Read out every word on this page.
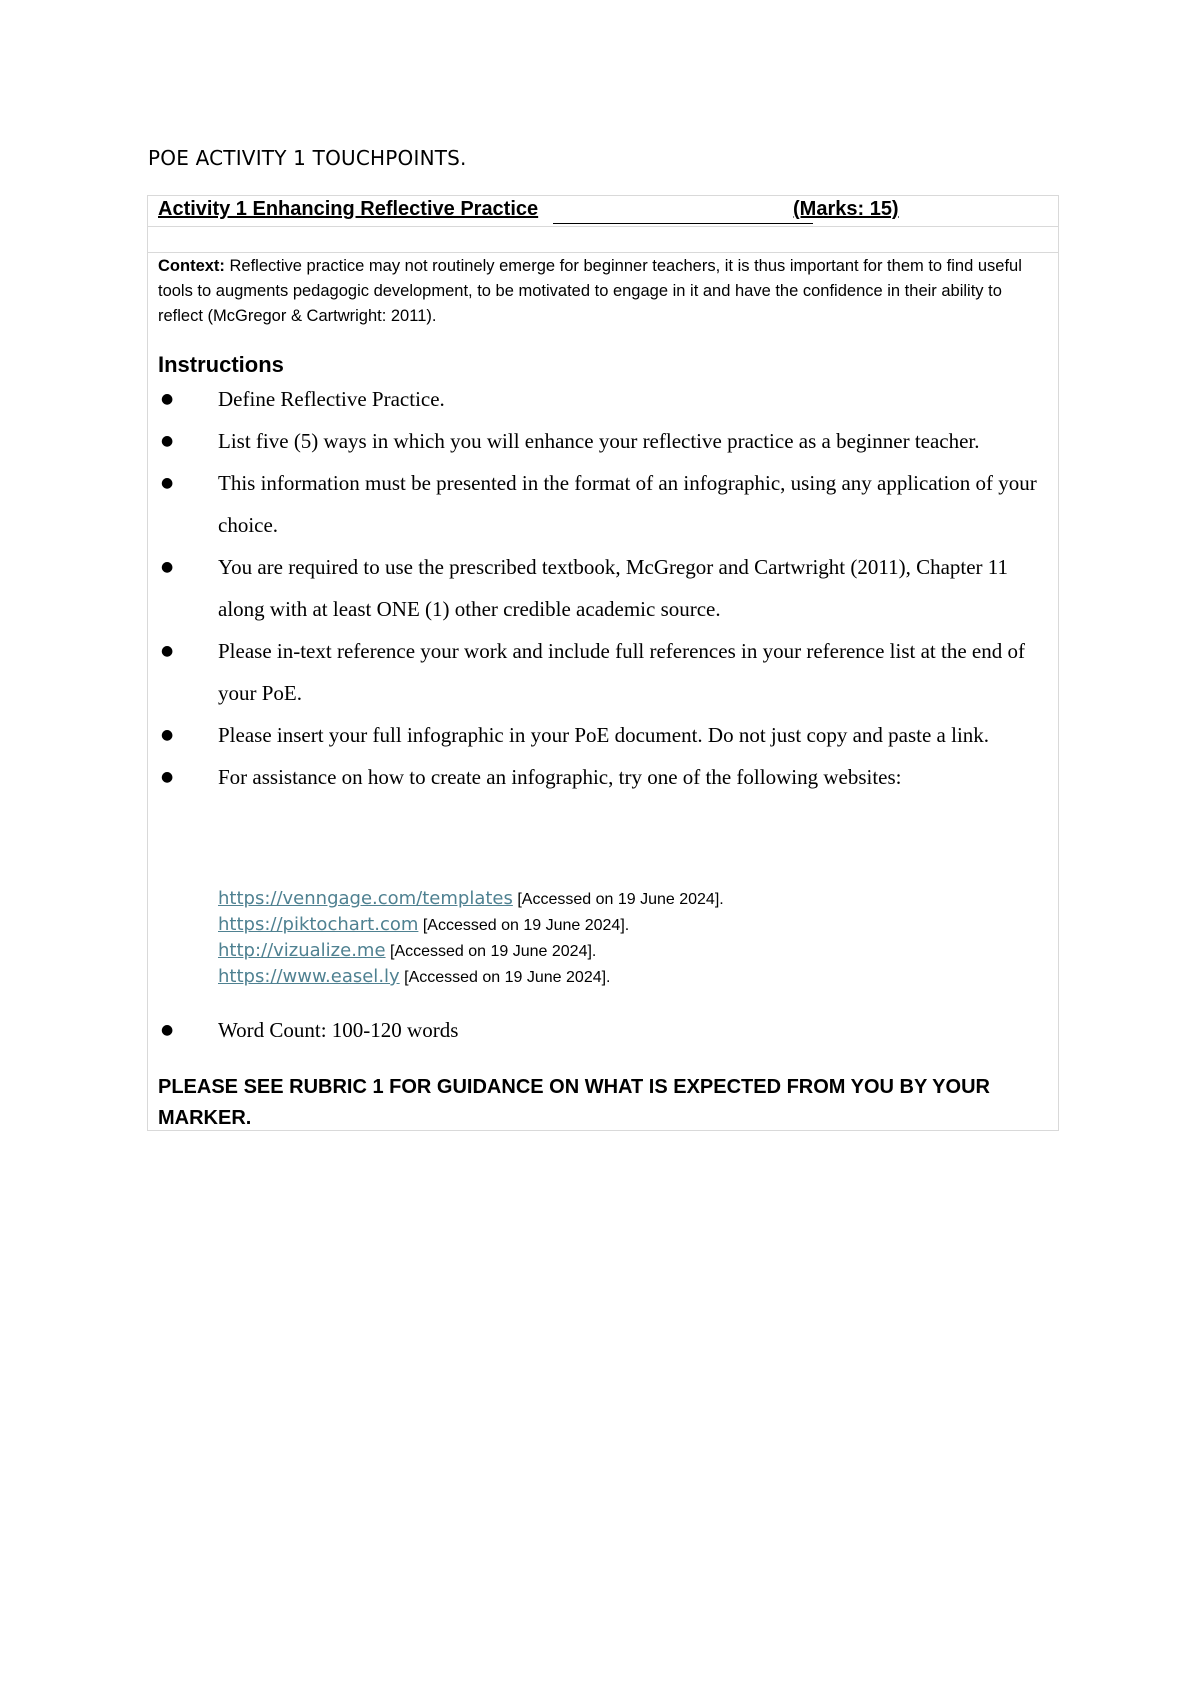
POE ACTIVITY 1 TOUCHPOINTS.
Activity 1 Enhancing Reflective Practice	(Marks: 15)

Context: Reflective practice may not routinely emerge for beginner teachers, it is thus important for them to find useful tools to augments pedagogic development, to be motivated to engage in it and have the confidence in their ability to reflect (McGregor & Cartwright: 2011).

Instructions
● Define Reflective Practice.
● List five (5) ways in which you will enhance your reflective practice as a beginner teacher.
● This information must be presented in the format of an infographic, using any application of your choice.
● You are required to use the prescribed textbook, McGregor and Cartwright (2011), Chapter 11 along with at least ONE (1) other credible academic source.
● Please in-text reference your work and include full references in your reference list at the end of your PoE.
● Please insert your full infographic in your PoE document. Do not just copy and paste a link.
● For assistance on how to create an infographic, try one of the following websites:
https://venngage.com/templates [Accessed on 19 June 2024].
https://piktochart.com [Accessed on 19 June 2024].
http://vizualize.me [Accessed on 19 June 2024].
https://www.easel.ly [Accessed on 19 June 2024].
● Word Count: 100-120 words

PLEASE SEE RUBRIC 1 FOR GUIDANCE ON WHAT IS EXPECTED FROM YOU BY YOUR MARKER.
